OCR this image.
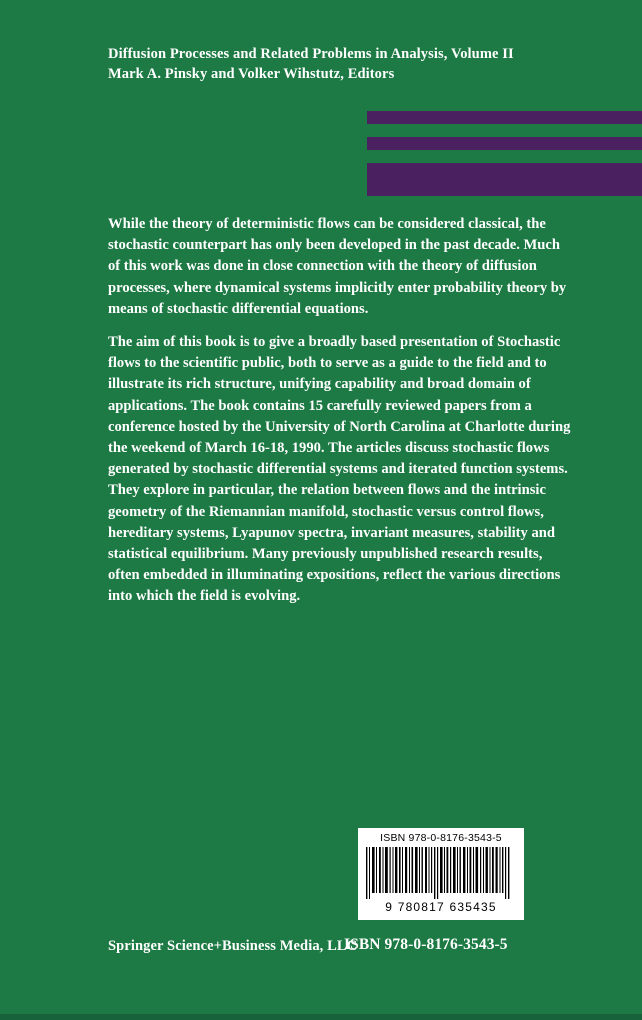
Diffusion Processes and Related Problems in Analysis, Volume II
Mark A. Pinsky and Volker Wihstutz, Editors

While the theory of deterministic flows can be considered classical, the stochastic counterpart has only been developed in the past decade. Much of this work was done in close connection with the theory of diffusion processes, where dynamical systems implicitly enter probability theory by means of stochastic differential equations.

The aim of this book is to give a broadly based presentation of Stochastic flows to the scientific public, both to serve as a guide to the field and to illustrate its rich structure, unifying capability and broad domain of applications. The book contains 15 carefully reviewed papers from a conference hosted by the University of North Carolina at Charlotte during the weekend of March 16-18, 1990. The articles discuss stochastic flows generated by stochastic differential systems and iterated function systems. They explore in particular, the relation between flows and the intrinsic geometry of the Riemannian manifold, stochastic versus control flows, hereditary systems, Lyapunov spectra, invariant measures, stability and statistical equilibrium. Many previously unpublished research results, often embedded in illuminating expositions, reflect the various directions into which the field is evolving.

ISBN 978-0-8176-3543-5
9 780817 635435
Springer Science+Business Media, LLC
ISBN 978-0-8176-3543-5
